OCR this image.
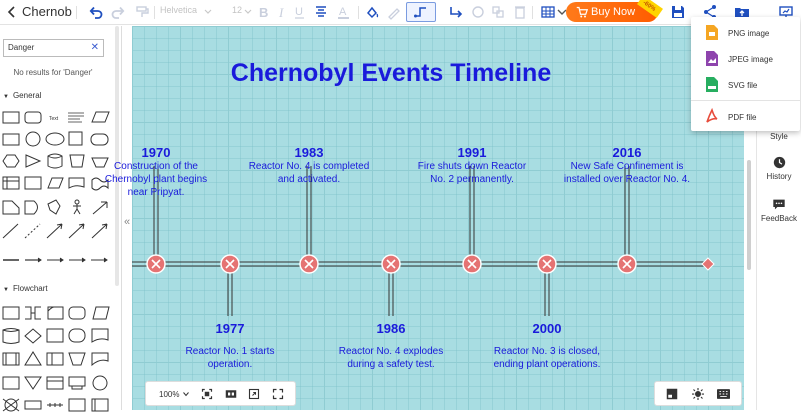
Chernob	Helvetica	12 B I U	A	Buy Now	-60%
Danger	✕
No results for 'Danger'
▼ General
Text
▼ Flowchart
«
Chernobyl Events Timeline
1970
Construction of the
Chernobyl plant begins
near Pripyat.
1977
Reactor No. 1 starts
operation.
1983
Reactor No. 4 is completed
and activated.
1986
Reactor No. 4 explodes
during a safety test.
1991
Fire shuts down Reactor
No. 2 permanently.
2000
Reactor No. 3 is closed,
ending plant operations.
2016
New Safe Confinement is
installed over Reactor No. 4.
Style
History
FeedBack
PNG image
JPEG image
SVG file
PDF file
100%
